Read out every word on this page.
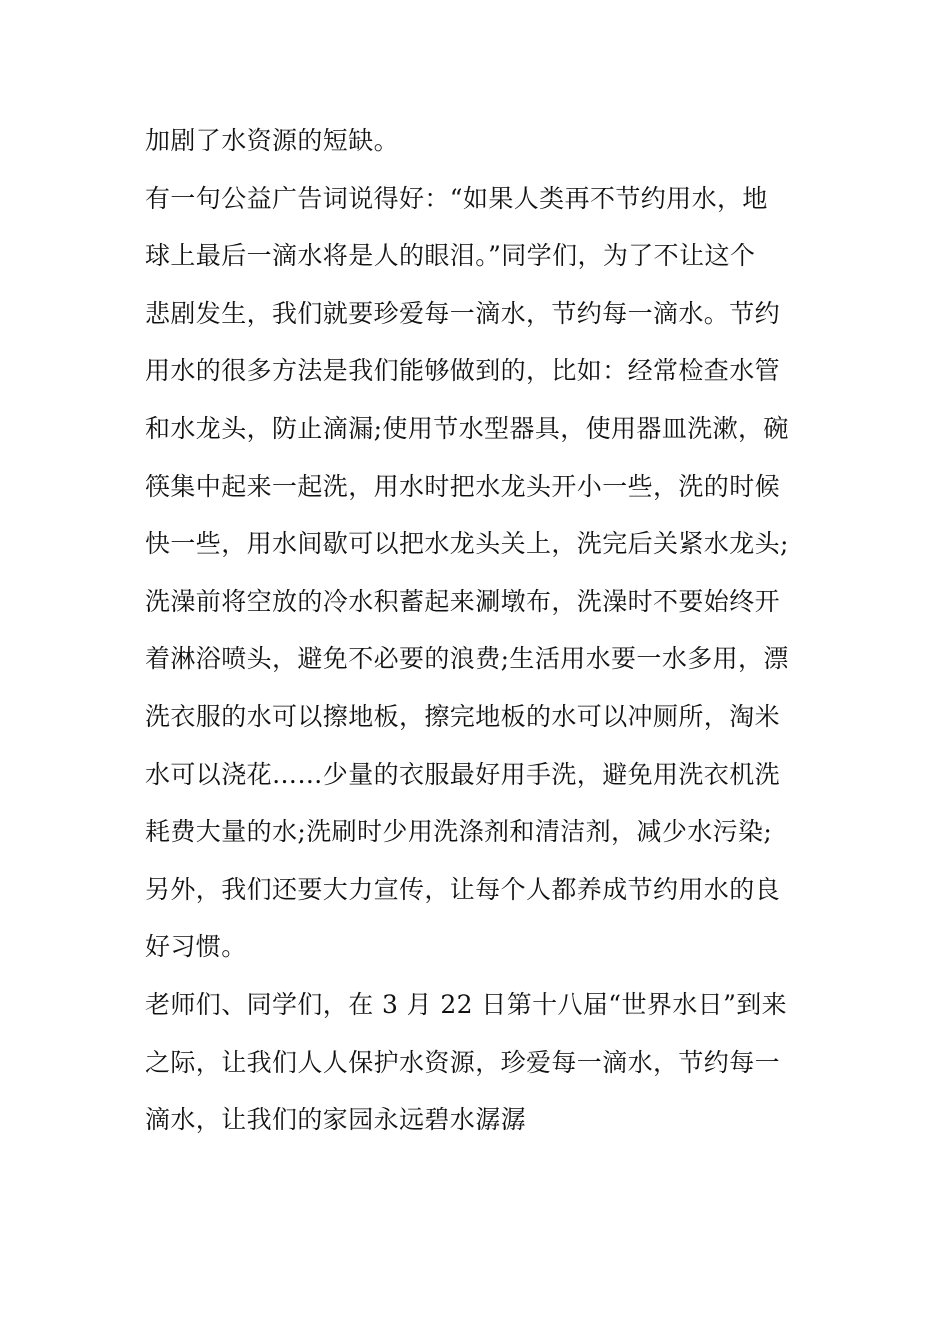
加剧了水资源的短缺。
有一句公益广告词说得好：“如果人类再不节约用水，地
球上最后一滴水将是人的眼泪。”同学们，为了不让这个
悲剧发生，我们就要珍爱每一滴水，节约每一滴水。节约
用水的很多方法是我们能够做到的，比如：经常检查水管
和水龙头，防止滴漏;使用节水型器具，使用器皿洗漱，碗
筷集中起来一起洗，用水时把水龙头开小一些，洗的时候
快一些，用水间歇可以把水龙头关上，洗完后关紧水龙头;
洗澡前将空放的冷水积蓄起来涮墩布，洗澡时不要始终开
着淋浴喷头，避免不必要的浪费;生活用水要一水多用，漂
洗衣服的水可以擦地板，擦完地板的水可以冲厕所，淘米
水可以浇花……少量的衣服最好用手洗，避免用洗衣机洗
耗费大量的水;洗刷时少用洗涤剂和清洁剂，减少水污染;
另外，我们还要大力宣传，让每个人都养成节约用水的良
好习惯。
老师们、同学们，在 3 月 22 日第十八届“世界水日”到来
之际，让我们人人保护水资源，珍爱每一滴水，节约每一
滴水，让我们的家园永远碧水潺潺
